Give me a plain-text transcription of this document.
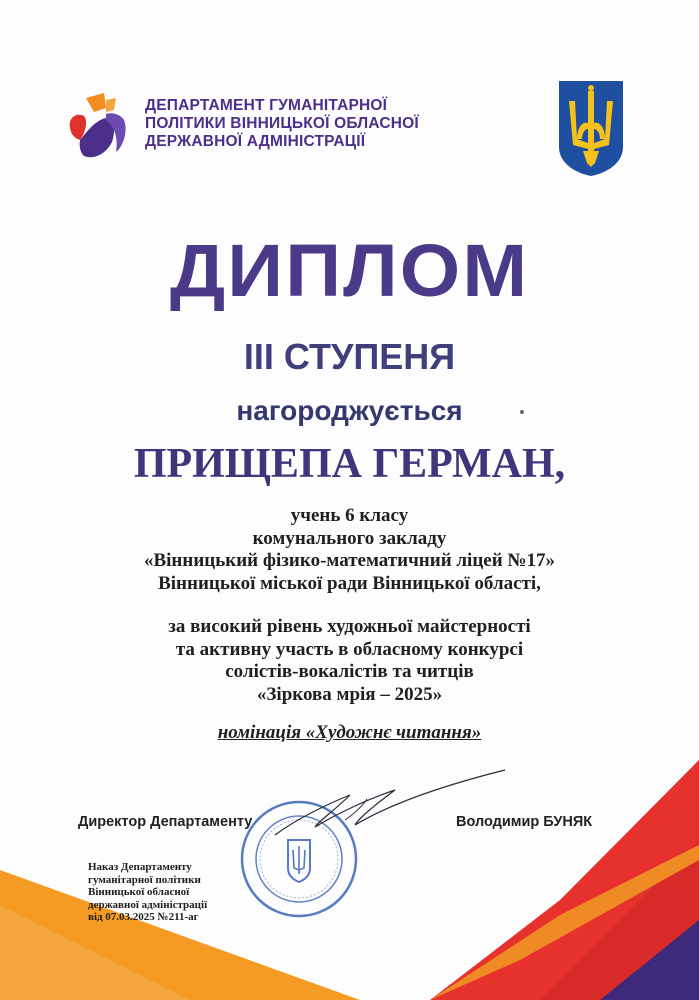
ДЕПАРТАМЕНТ ГУМАНІТАРНОЇ
ПОЛІТИКИ ВІННИЦЬКОЇ ОБЛАСНОЇ
ДЕРЖАВНОЇ АДМІНІСТРАЦІЇ
ДИПЛОМ
ІІІ СТУПЕНЯ
нагороджується
ПРИЩЕПА ГЕРМАН,
учень 6 класу
комунального закладу
«Вінницький фізико-математичний ліцей №17»
Вінницької міської ради Вінницької області,
за високий рівень художньої майстерності
та активну участь в обласному конкурсі
солістів-вокалістів та читців
«Зіркова мрія – 2025»
номінація «Художнє читання»
Директор Департаменту	Володимир БУНЯК
Наказ Департаменту
гуманітарної політики
Вінницької обласної
державної адміністрації
від 07.03.2025 №211-аг
